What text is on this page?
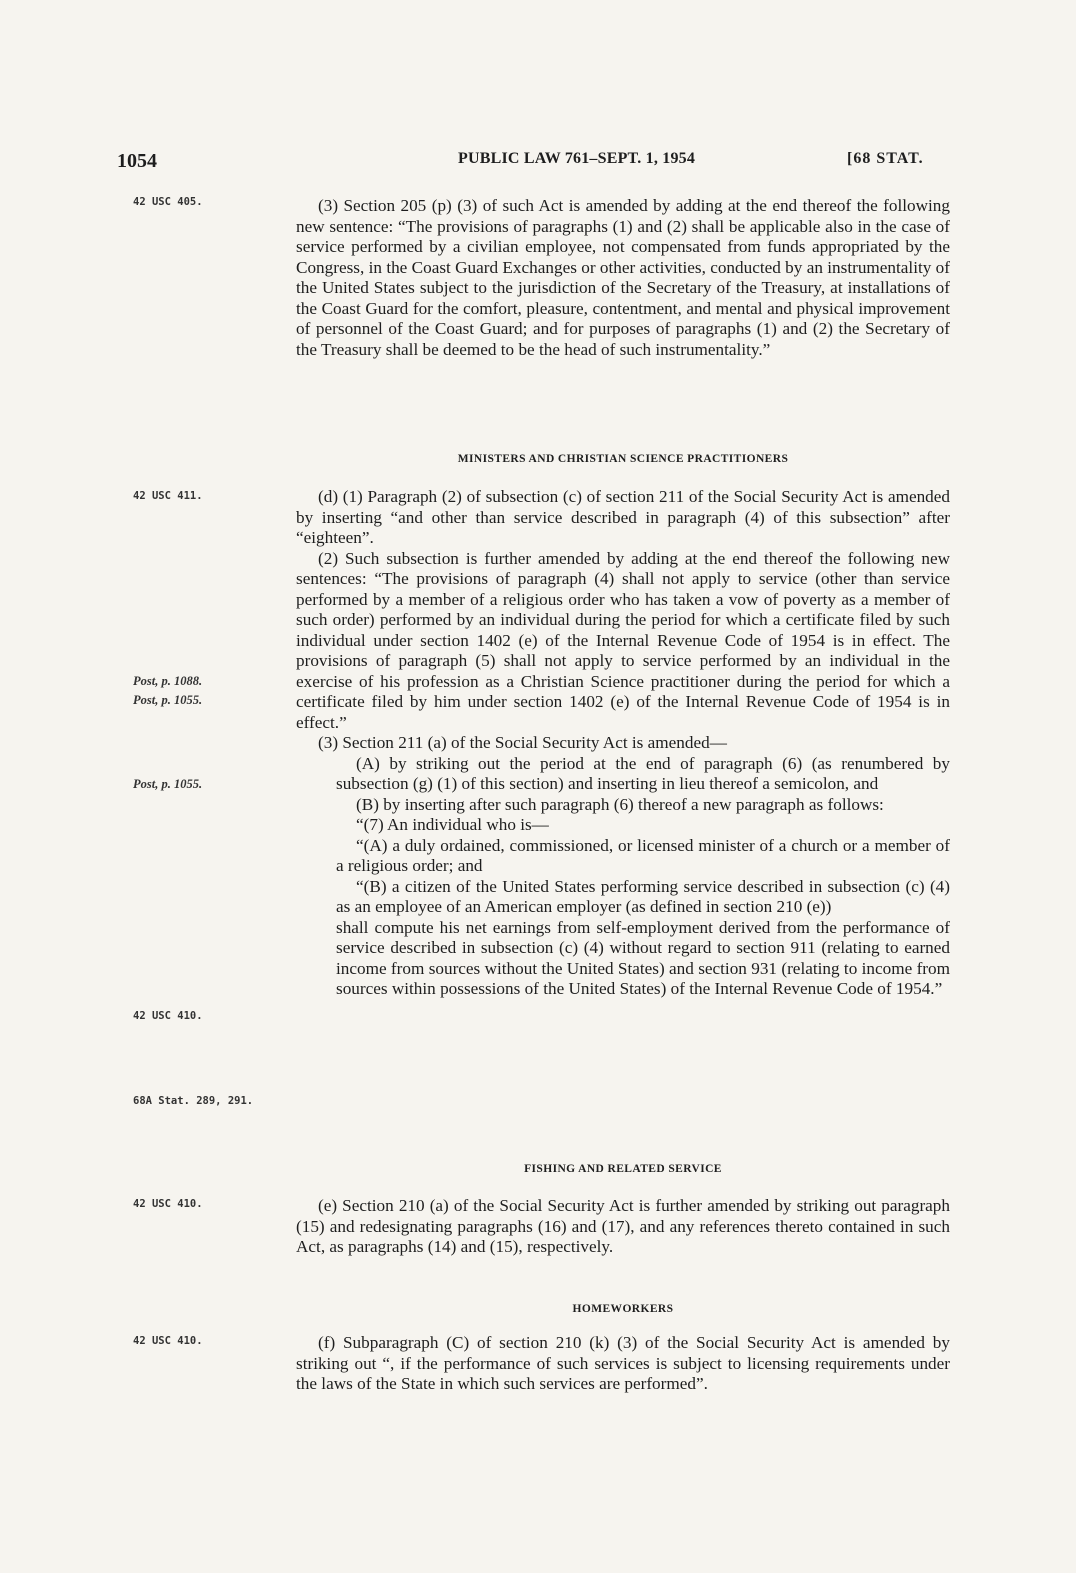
1054	PUBLIC LAW 761–SEPT. 1, 1954	[68 STAT.
42 USC 405.
42 USC 411.
Post, p. 1088.
Post, p. 1055.
Post, p. 1055.
42 USC 410.
68A Stat. 289, 291.
42 USC 410.
42 USC 410.

(3) Section 205 (p) (3) of such Act is amended by adding at the end thereof the following new sentence: “The provisions of paragraphs (1) and (2) shall be applicable also in the case of service performed by a civilian employee, not compensated from funds appropriated by the Congress, in the Coast Guard Exchanges or other activities, conducted by an instrumentality of the United States subject to the jurisdiction of the Secretary of the Treasury, at installations of the Coast Guard for the comfort, pleasure, contentment, and mental and physical improvement of personnel of the Coast Guard; and for purposes of paragraphs (1) and (2) the Secretary of the Treasury shall be deemed to be the head of such instrumentality.”

MINISTERS AND CHRISTIAN SCIENCE PRACTITIONERS

(d) (1) Paragraph (2) of subsection (c) of section 211 of the Social Security Act is amended by inserting “and other than service described in paragraph (4) of this subsection” after “eighteen”.

(2) Such subsection is further amended by adding at the end thereof the following new sentences: “The provisions of paragraph (4) shall not apply to service (other than service performed by a member of a religious order who has taken a vow of poverty as a member of such order) performed by an individual during the period for which a certificate filed by such individual under section 1402 (e) of the Internal Revenue Code of 1954 is in effect. The provisions of paragraph (5) shall not apply to service performed by an individual in the exercise of his profession as a Christian Science practitioner during the period for which a certificate filed by him under section 1402 (e) of the Internal Revenue Code of 1954 is in effect.”

(3) Section 211 (a) of the Social Security Act is amended—

(A) by striking out the period at the end of paragraph (6) (as renumbered by subsection (g) (1) of this section) and inserting in lieu thereof a semicolon, and

(B) by inserting after such paragraph (6) thereof a new paragraph as follows:

“(7) An individual who is—

“(A) a duly ordained, commissioned, or licensed minister of a church or a member of a religious order; and

“(B) a citizen of the United States performing service described in subsection (c) (4) as an employee of an American employer (as defined in section 210 (e))

shall compute his net earnings from self-employment derived from the performance of service described in subsection (c) (4) without regard to section 911 (relating to earned income from sources without the United States) and section 931 (relating to income from sources within possessions of the United States) of the Internal Revenue Code of 1954.”

FISHING AND RELATED SERVICE

(e) Section 210 (a) of the Social Security Act is further amended by striking out paragraph (15) and redesignating paragraphs (16) and (17), and any references thereto contained in such Act, as paragraphs (14) and (15), respectively.

HOMEWORKERS

(f) Subparagraph (C) of section 210 (k) (3) of the Social Security Act is amended by striking out “, if the performance of such services is subject to licensing requirements under the laws of the State in which such services are performed”.
